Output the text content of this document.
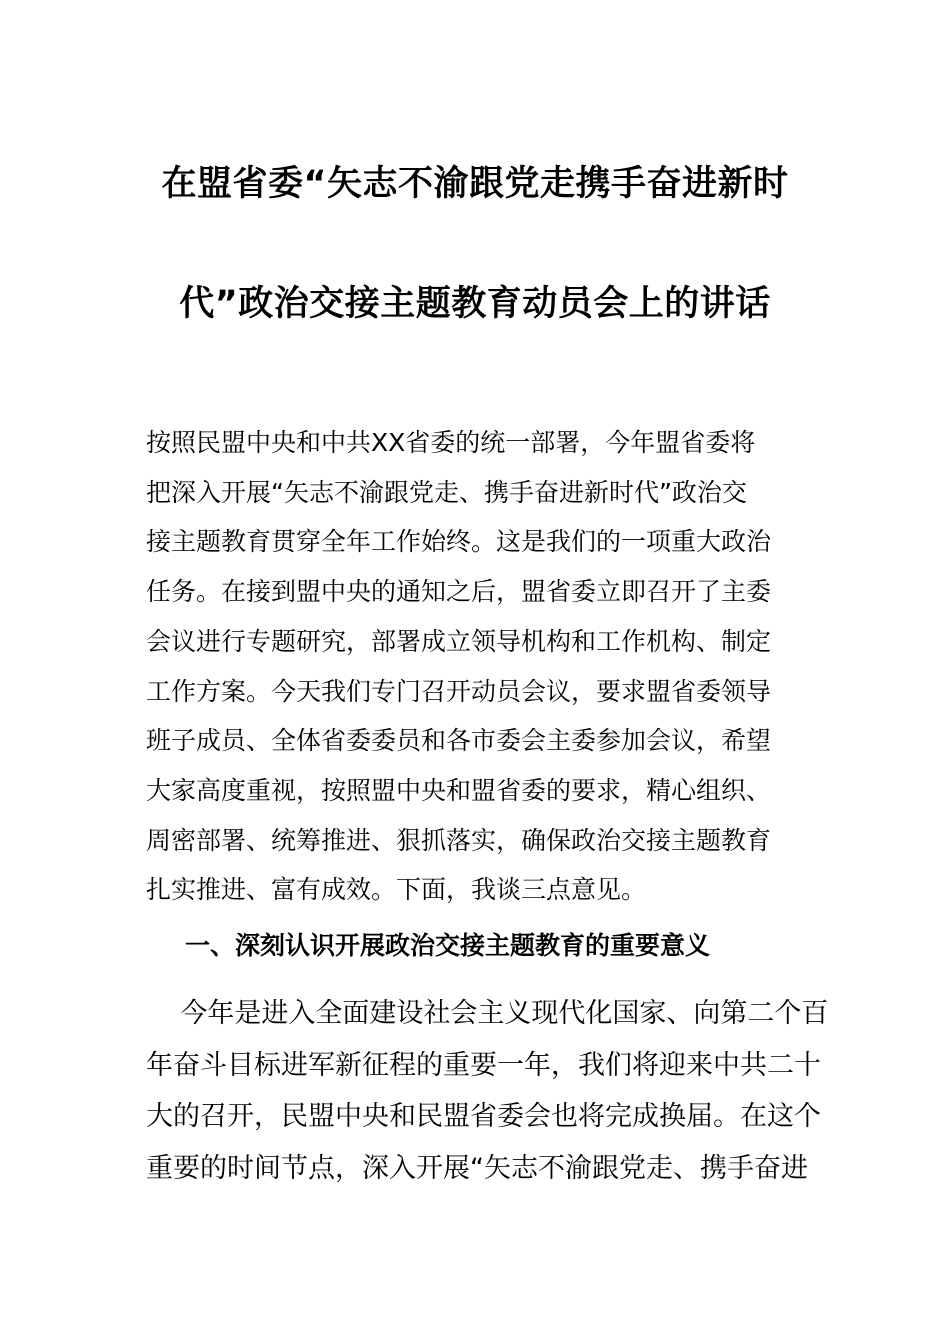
在盟省委“矢志不渝跟党走携手奋进新时
代”政治交接主题教育动员会上的讲话
按照民盟中央和中共XX省委的统一部署，今年盟省委将
把深入开展“矢志不渝跟党走、携手奋进新时代”政治交
接主题教育贯穿全年工作始终。这是我们的一项重大政治
任务。在接到盟中央的通知之后，盟省委立即召开了主委
会议进行专题研究，部署成立领导机构和工作机构、制定
工作方案。今天我们专门召开动员会议，要求盟省委领导
班子成员、全体省委委员和各市委会主委参加会议，希望
大家高度重视，按照盟中央和盟省委的要求，精心组织、
周密部署、统筹推进、狠抓落实，确保政治交接主题教育
扎实推进、富有成效。下面，我谈三点意见。
一、深刻认识开展政治交接主题教育的重要意义
今年是进入全面建设社会主义现代化国家、向第二个百
年奋斗目标进军新征程的重要一年，我们将迎来中共二十
大的召开，民盟中央和民盟省委会也将完成换届。在这个
重要的时间节点，深入开展“矢志不渝跟党走、携手奋进
